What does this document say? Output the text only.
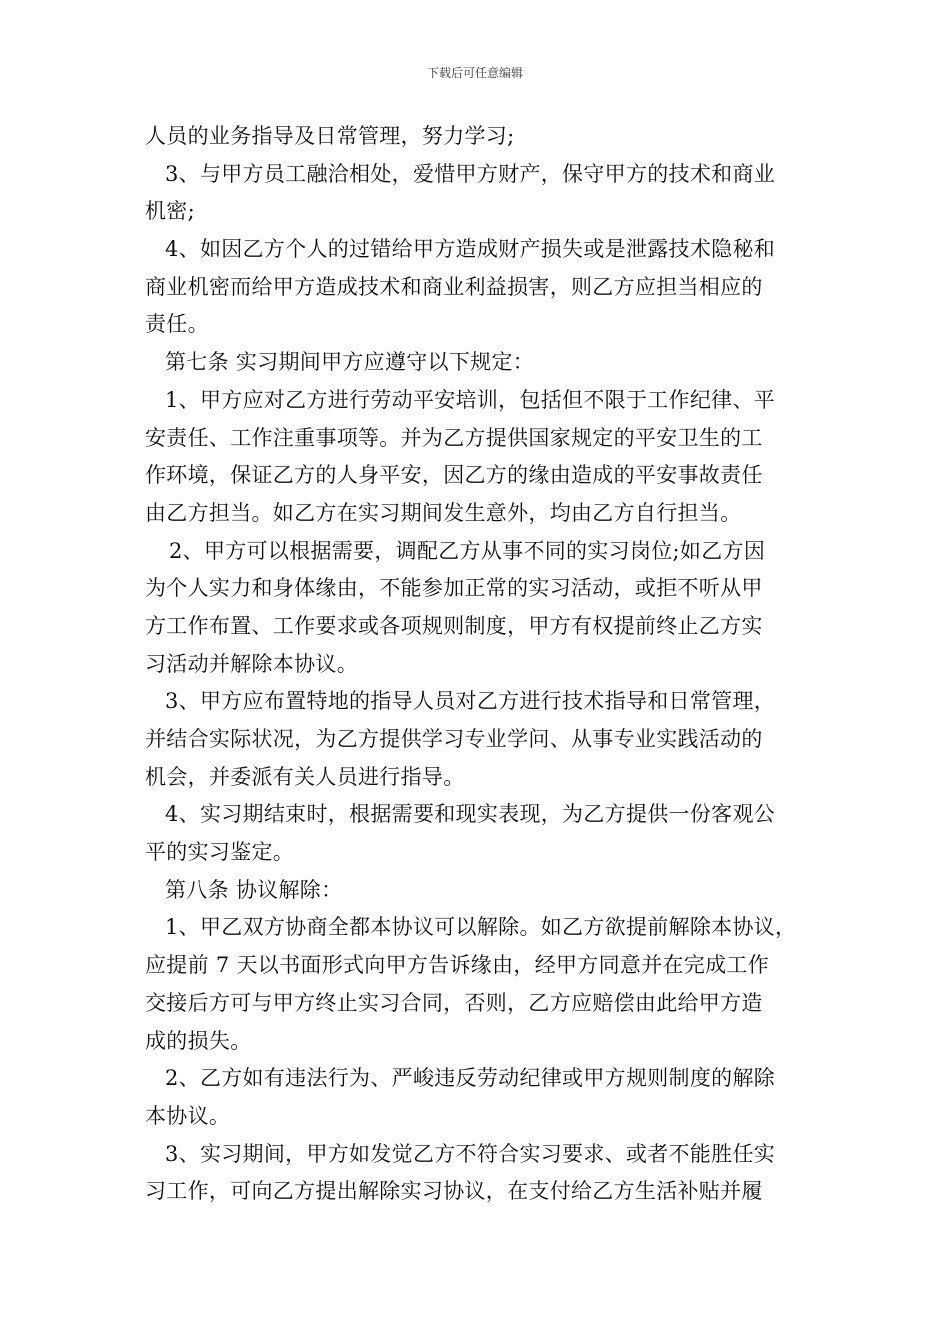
下载后可任意编辑
人员的业务指导及日常管理，努力学习;
3、与甲方员工融洽相处，爱惜甲方财产，保守甲方的技术和商业
机密;
4、如因乙方个人的过错给甲方造成财产损失或是泄露技术隐秘和
商业机密而给甲方造成技术和商业利益损害，则乙方应担当相应的
责任。
第七条 实习期间甲方应遵守以下规定：
1、甲方应对乙方进行劳动平安培训，包括但不限于工作纪律、平
安责任、工作注重事项等。并为乙方提供国家规定的平安卫生的工
作环境，保证乙方的人身平安，因乙方的缘由造成的平安事故责任
由乙方担当。如乙方在实习期间发生意外，均由乙方自行担当。
2、甲方可以根据需要，调配乙方从事不同的实习岗位;如乙方因
为个人实力和身体缘由，不能参加正常的实习活动，或拒不听从甲
方工作布置、工作要求或各项规则制度，甲方有权提前终止乙方实
习活动并解除本协议。
3、甲方应布置特地的指导人员对乙方进行技术指导和日常管理，
并结合实际状况，为乙方提供学习专业学问、从事专业实践活动的
机会，并委派有关人员进行指导。
4、实习期结束时，根据需要和现实表现，为乙方提供一份客观公
平的实习鉴定。
第八条 协议解除：
1、甲乙双方协商全都本协议可以解除。如乙方欲提前解除本协议，
应提前 7 天以书面形式向甲方告诉缘由，经甲方同意并在完成工作
交接后方可与甲方终止实习合同，否则，乙方应赔偿由此给甲方造
成的损失。
2、乙方如有违法行为、严峻违反劳动纪律或甲方规则制度的解除
本协议。
3、实习期间，甲方如发觉乙方不符合实习要求、或者不能胜任实
习工作，可向乙方提出解除实习协议，在支付给乙方生活补贴并履
